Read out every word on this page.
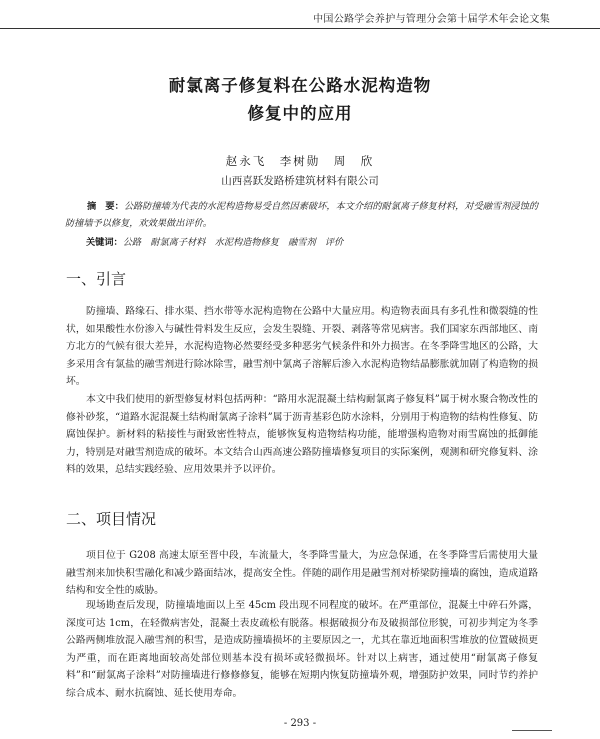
中国公路学会养护与管理分会第十届学术年会论文集
耐氯离子修复料在公路水泥构造物
修复中的应用
赵永飞　李树勋　周　欣
山西喜跃发路桥建筑材料有限公司
摘　要：公路防撞墙为代表的水泥构造物易受自然因素破坏，本文介绍的耐氯离子修复材料，对受融雪剂浸蚀的防撞墙予以修复，欢效果做出评价。
关键词：公路　耐氯离子材料　水泥构造物修复　融雪剂　评价
一、引言
防撞墙、路缘石、排水渠、挡水带等水泥构造物在公路中大量应用。构造物表面具有多孔性和微裂缝的性状，如果酸性水份渗入与碱性骨料发生反应，会发生裂缝、开裂、剥落等常见病害。我们国家东西部地区、南方北方的气候有很大差异，水泥构造物必然要经受多种恶劣气候条件和外力损害。在冬季降雪地区的公路，大多采用含有氯盐的融雪剂进行除冰除雪，融雪剂中氯离子溶解后渗入水泥构造物结晶膨胀就加剧了构造物的损坏。
本文中我们使用的新型修复材料包括两种：“路用水泥混凝土结构耐氯离子修复料”属于树水聚合物改性的修补砂浆，“道路水泥混凝土结构耐氯离子涂料”属于沥青基彩色防水涂料，分别用于构造物的结构性修复、防腐蚀保护。新材料的粘接性与耐致密性特点，能够恢复构造物结构功能，能增强构造物对雨雪腐蚀的抵御能力，特别是对融雪剂造成的破坏。本文结合山西高速公路防撞墙修复项目的实际案例，观测和研究修复料、涂料的效果，总结实践经验、应用效果并予以评价。
二、项目情况
项目位于 G208 高速太原至晋中段，车流量大，冬季降雪量大，为应急保通，在冬季降雪后需使用大量融雪剂来加快积雪融化和减少路面结冰，提高安全性。伴随的副作用是融雪剂对桥梁防撞墙的腐蚀，造成道路结构和安全性的威胁。
现场勘查后发现，防撞墙地面以上至 45cm 段出现不同程度的破坏。在严重部位，混凝土中碎石外露，深度可达 1cm，在轻微病害处，混凝土表皮疏松有脱落。根据破损分布及破损部位形貌，可初步判定为冬季公路两侧堆放混入融雪剂的积雪，是造成防撞墙损坏的主要原因之一，尤其在靠近地面积雪堆放的位置破损更为严重，而在距离地面较高处部位则基本没有损坏或轻微损坏。针对以上病害，通过使用“耐氯离子修复料”和“耐氯离子涂料”对防撞墙进行修修修复，能够在短期内恢复防撞墙外观，增强防护效果，同时节约养护综合成本、耐水抗腐蚀、延长使用寿命。
- 293 -
